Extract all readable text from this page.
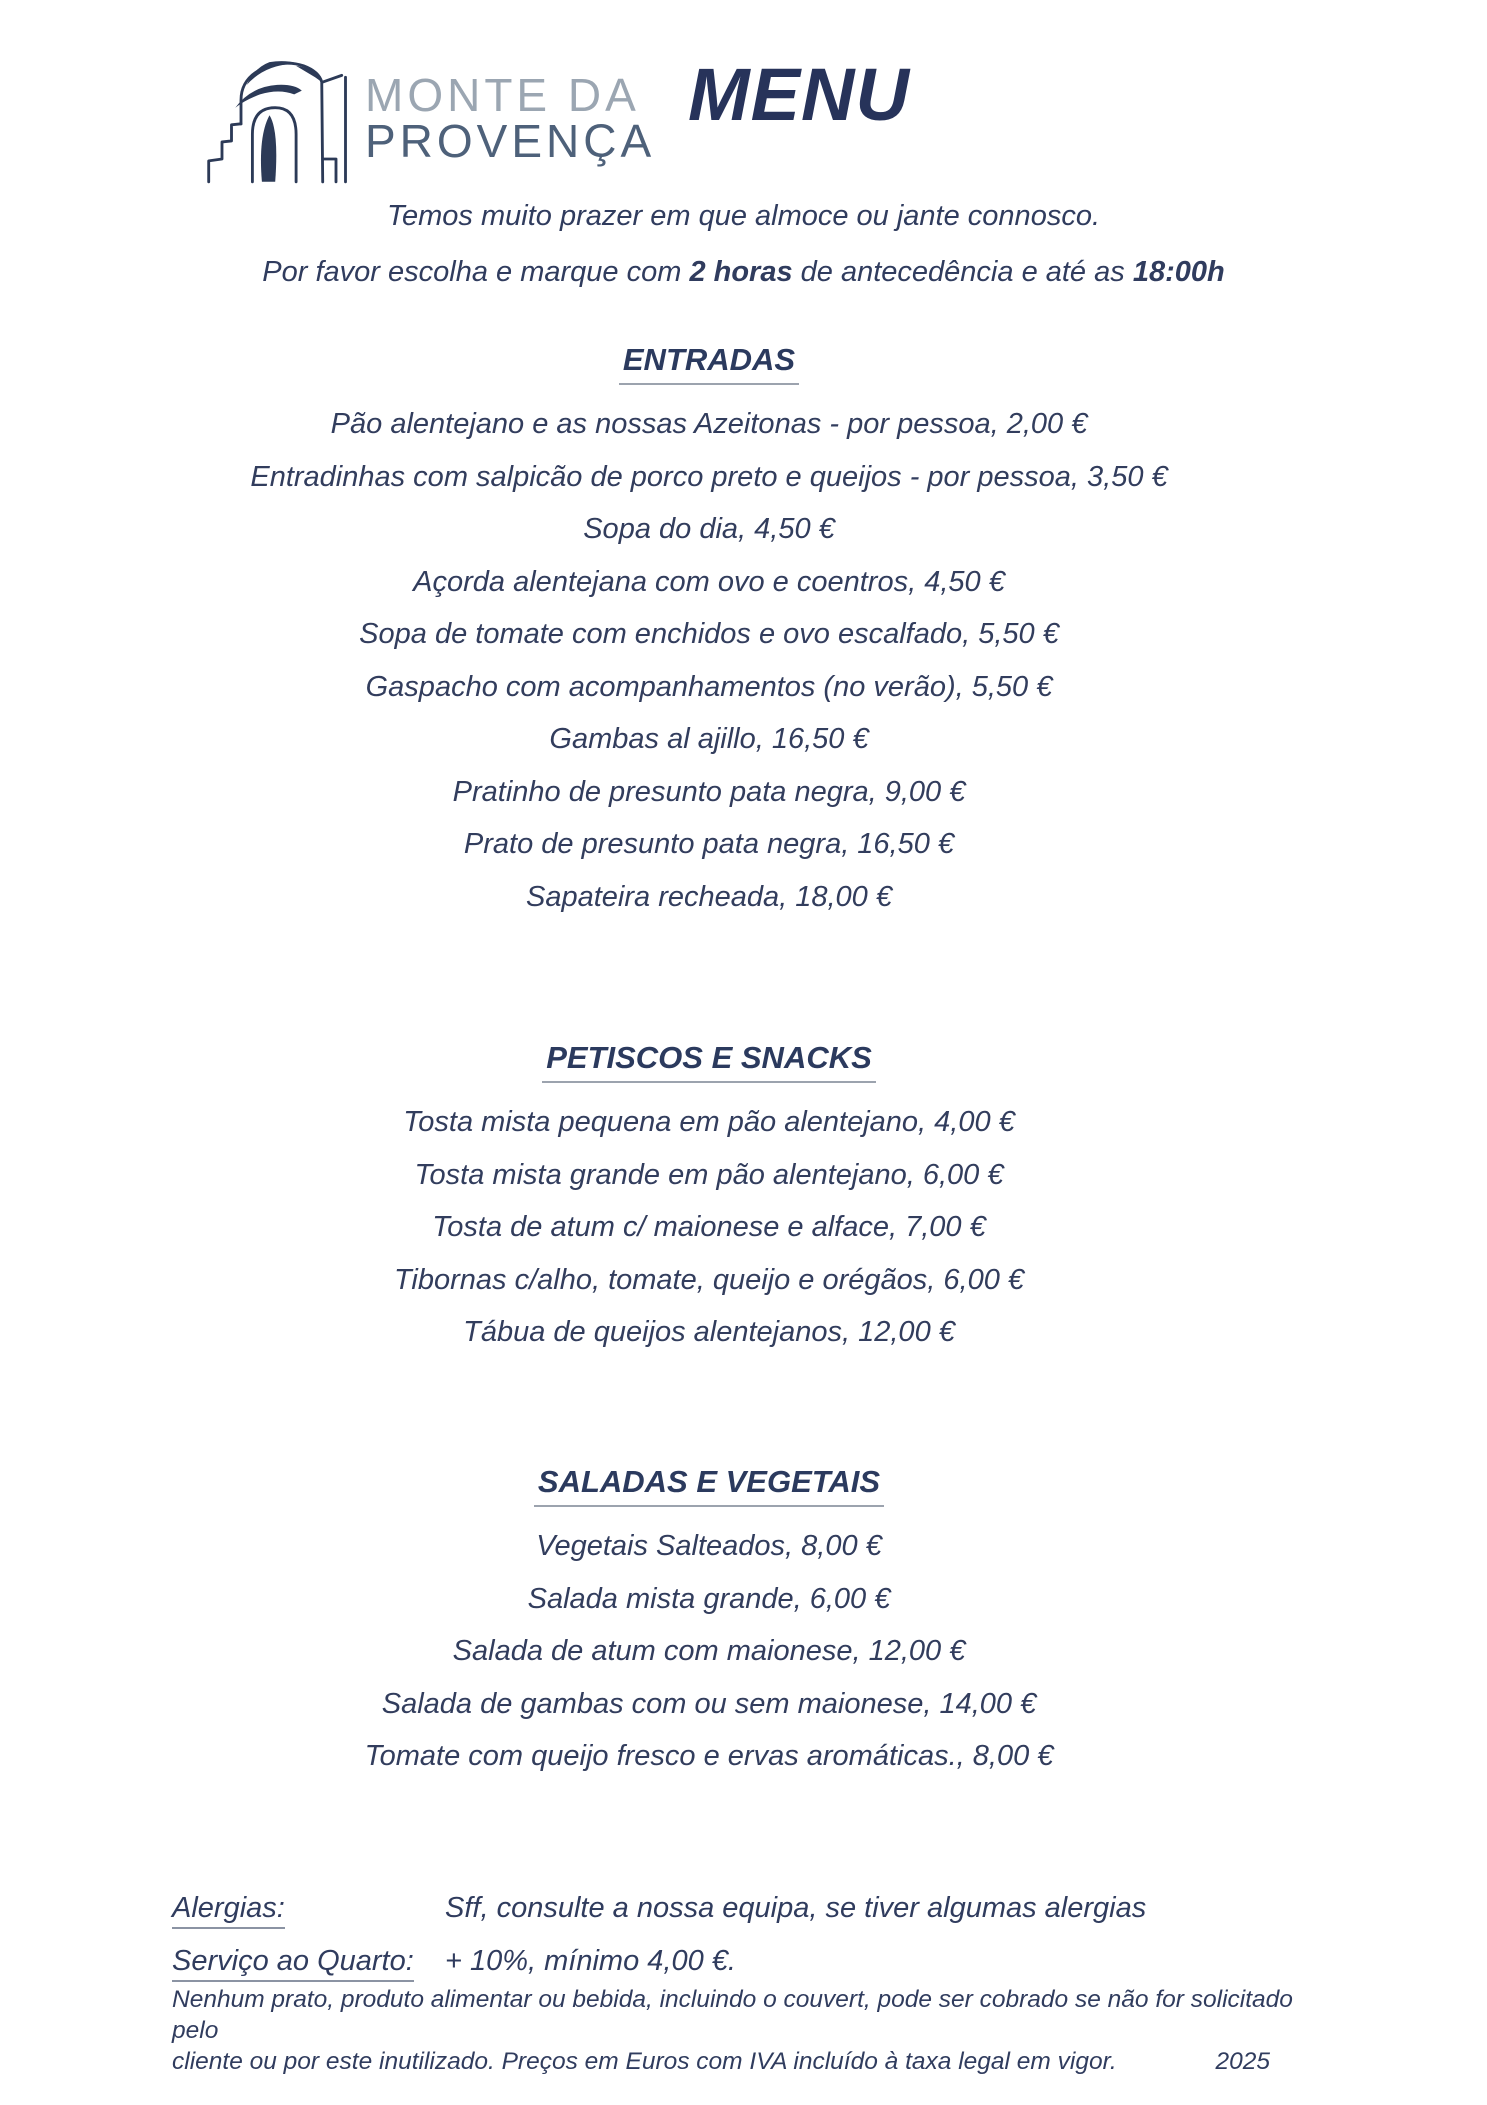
MONTE DA
PROVENÇA
MENU
Temos muito prazer em que almoce ou jante connosco.
Por favor escolha e marque com 2 horas de antecedência e até as 18:00h
ENTRADAS
Pão alentejano e as nossas Azeitonas - por pessoa, 2,00 €
Entradinhas com salpicão de porco preto e queijos - por pessoa, 3,50 €
Sopa do dia, 4,50 €
Açorda alentejana com ovo e coentros, 4,50 €
Sopa de tomate com enchidos e ovo escalfado, 5,50 €
Gaspacho com acompanhamentos (no verão), 5,50 €
Gambas al ajillo, 16,50 €
Pratinho de presunto pata negra, 9,00 €
Prato de presunto pata negra, 16,50 €
Sapateira recheada, 18,00 €
PETISCOS E SNACKS
Tosta mista pequena em pão alentejano, 4,00 €
Tosta mista grande em pão alentejano, 6,00 €
Tosta de atum c/ maionese e alface, 7,00 €
Tibornas c/alho, tomate, queijo e orégãos, 6,00 €
Tábua de queijos alentejanos, 12,00 €
SALADAS E VEGETAIS
Vegetais Salteados, 8,00 €
Salada mista grande, 6,00 €
Salada de atum com maionese, 12,00 €
Salada de gambas com ou sem maionese, 14,00 €
Tomate com queijo fresco e ervas aromáticas., 8,00 €
Alergias:	Sff, consulte a nossa equipa, se tiver algumas alergias
Serviço ao Quarto: + 10%, mínimo 4,00 €.
Nenhum prato, produto alimentar ou bebida, incluindo o couvert, pode ser cobrado se não for solicitado pelo
cliente ou por este inutilizado. Preços em Euros com IVA incluído à taxa legal em vigor.	2025
